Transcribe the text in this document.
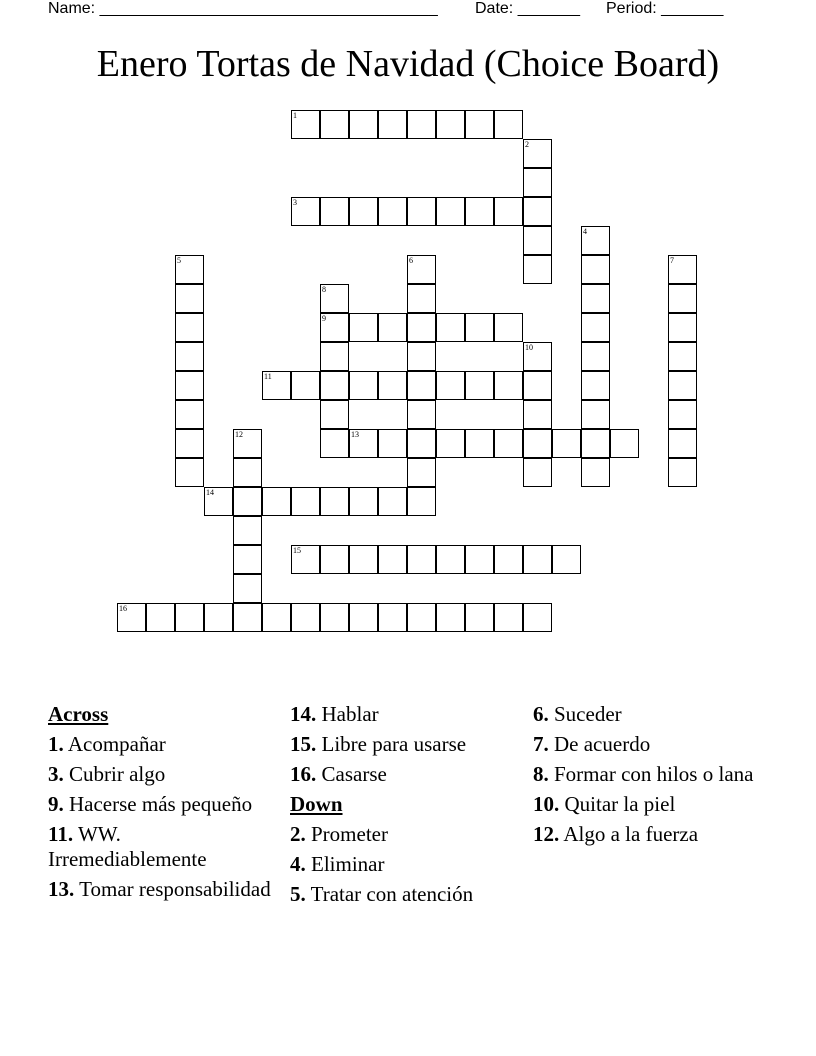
Name: ______________________________________ Date: _______ Period: _______
Enero Tortas de Navidad (Choice Board)
1
2
3
4
5	6	7
8
9
10
11
12	13
14
15
16
Across
1. Acompañar
3. Cubrir algo
9. Hacerse más pequeño
11. WW. Irremediablemente
13. Tomar responsabilidad
14. Hablar
15. Libre para usarse
16. Casarse
Down
2. Prometer
4. Eliminar
5. Tratar con atención
6. Suceder
7. De acuerdo
8. Formar con hilos o lana
10. Quitar la piel
12. Algo a la fuerza
